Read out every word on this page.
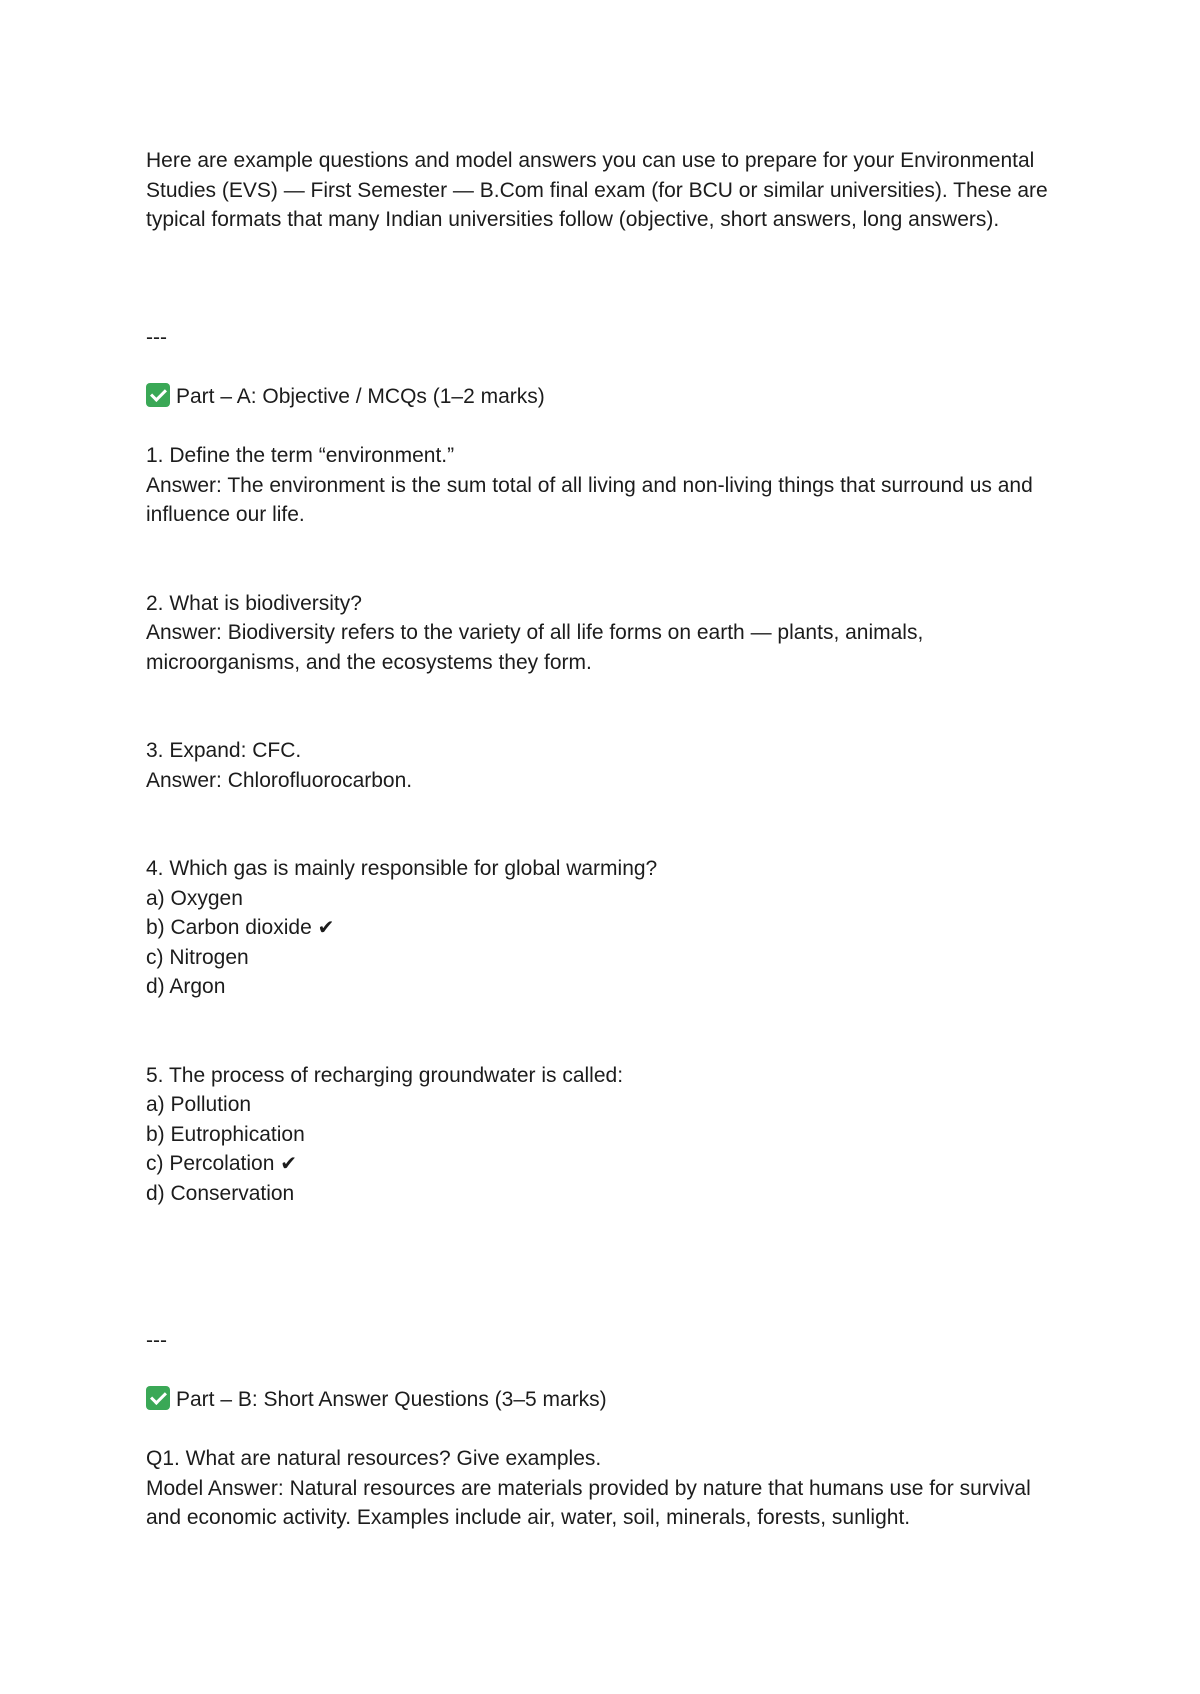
Here are example questions and model answers you can use to prepare for your Environmental Studies (EVS) — First Semester — B.Com final exam (for BCU or similar universities). These are typical formats that many Indian universities follow (objective, short answers, long answers).
---
Part – A: Objective / MCQs (1–2 marks)
1. Define the term “environment.”
Answer: The environment is the sum total of all living and non-living things that surround us and influence our life.
2. What is biodiversity?
Answer: Biodiversity refers to the variety of all life forms on earth — plants, animals, microorganisms, and the ecosystems they form.
3. Expand: CFC.
Answer: Chlorofluorocarbon.
4. Which gas is mainly responsible for global warming?
a) Oxygen
b) Carbon dioxide ✔
c) Nitrogen
d) Argon
5. The process of recharging groundwater is called:
a) Pollution
b) Eutrophication
c) Percolation ✔
d) Conservation
---
Part – B: Short Answer Questions (3–5 marks)
Q1. What are natural resources? Give examples.
Model Answer: Natural resources are materials provided by nature that humans use for survival and economic activity. Examples include air, water, soil, minerals, forests, sunlight.
